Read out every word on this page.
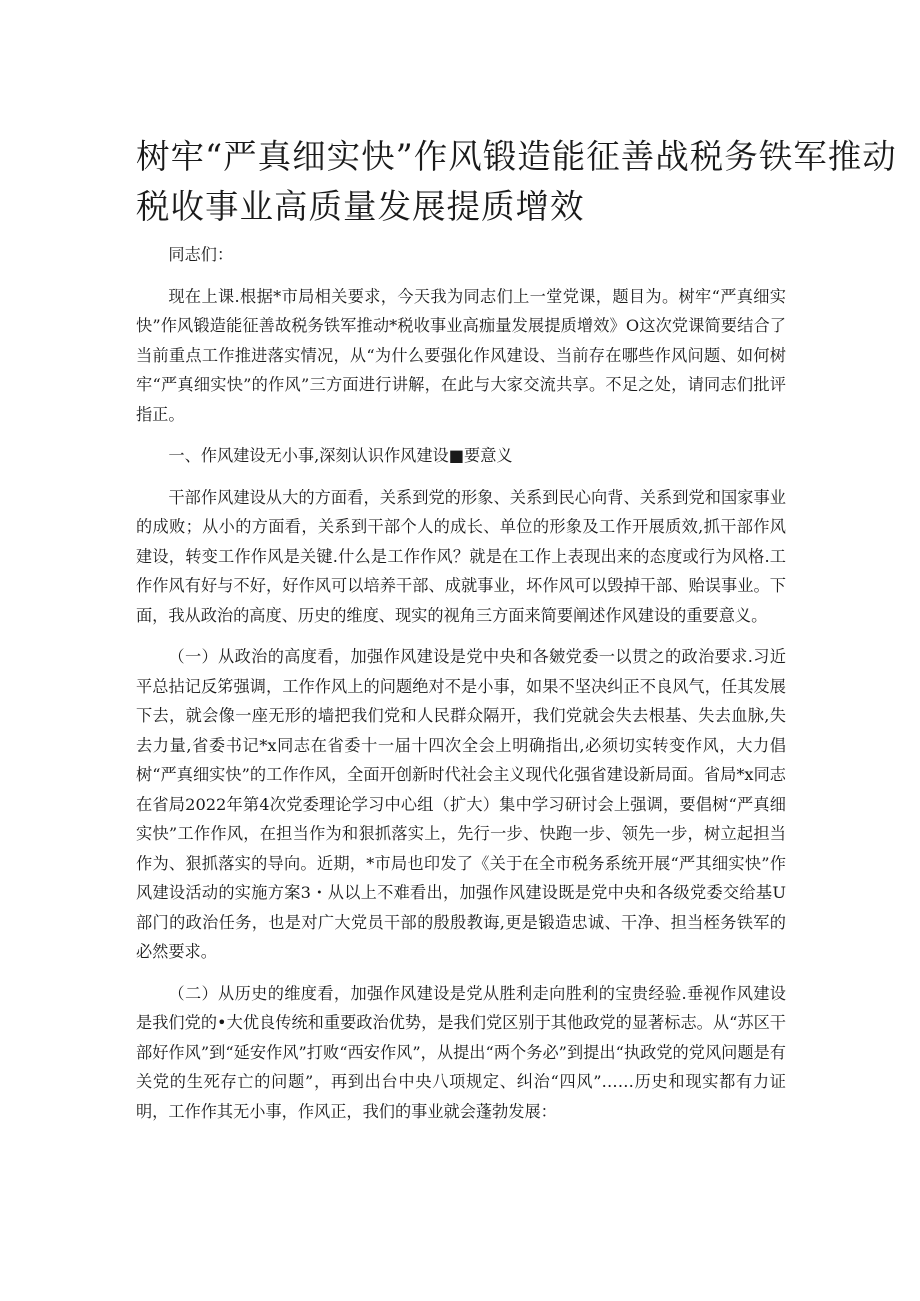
树牢“严真细实快”作风锻造能征善战税务铁军推动
税收事业高质量发展提质增效

同志们：

现在上课.根据*市局相关要求，今天我为同志们上一堂党课，题目为。树牢“严真细实快”作风锻造能征善故税务铁军推动*税收事业高痂量发展提质增效》O这次党课简要结合了当前重点工作推进落实情况，从“为什么要强化作风建设、当前存在哪些作风问题、如何树牢“严真细实快”的作风”三方面进行讲解，在此与大家交流共享。不足之处，请同志们批评指正。

一、作风建设无小事,深刻认识作风建设■要意义

干部作风建设从大的方面看，关系到党的形象、关系到民心向背、关系到党和国家事业的成败；从小的方面看，关系到干部个人的成长、单位的形象及工作开展质效,抓干部作风建设，转变工作作风是关键.什么是工作作风？就是在工作上表现出来的态度或行为风格.工作作风有好与不好，好作风可以培养干部、成就事业，坏作风可以毁掉干部、贻误事业。下面，我从政治的高度、历史的维度、现实的视角三方面来简要阐述作风建设的重要意义。

（一）从政治的高度看，加强作风建设是党中央和各皴党委一以贯之的政治要求.习近平总拈记反笫强调，工作作风上的问题绝对不是小事，如果不坚决纠正不良风气，任其发展下去，就会像一座无形的墙把我们党和人民群众隔开，我们党就会失去根基、失去血脉,失去力量,省委书记*x同志在省委十一届十四次全会上明确指出,必须切实转变作风，大力倡树“严真细实快”的工作作风，全面开创新时代社会主义现代化强省建设新局面。省局*x同志在省局2022年第4次党委理论学习中心组（扩大）集中学习研讨会上强调，要倡树“严真细实快”工作作风，在担当作为和狠抓落实上，先行一步、快跑一步、领先一步，树立起担当作为、狠抓落实的导向。近期，*市局也印发了《关于在全市税务系统开展“严其细实快”作风建设活动的实施方案3・从以上不难看出，加强作风建设既是党中央和各级党委交给基U部门的政治任务，也是对广大党员干部的殷殷教诲,更是锻造忠诚、干净、担当桎务铁军的必然要求。

（二）从历史的维度看，加强作风建设是党从胜利走向胜利的宝贵经验.垂视作风建设是我们党的•大优良传统和重要政治优势，是我们党区别于其他政党的显著标志。从“苏区干部好作风”到“延安作风”打败“西安作风”，从提出“两个务必”到提出“执政党的党风问题是有关党的生死存亡的问题”，再到出台中央八项规定、纠治“四风”……历史和现实都有力证明，工作作其无小事，作风正，我们的事业就会蓬勃发展：
